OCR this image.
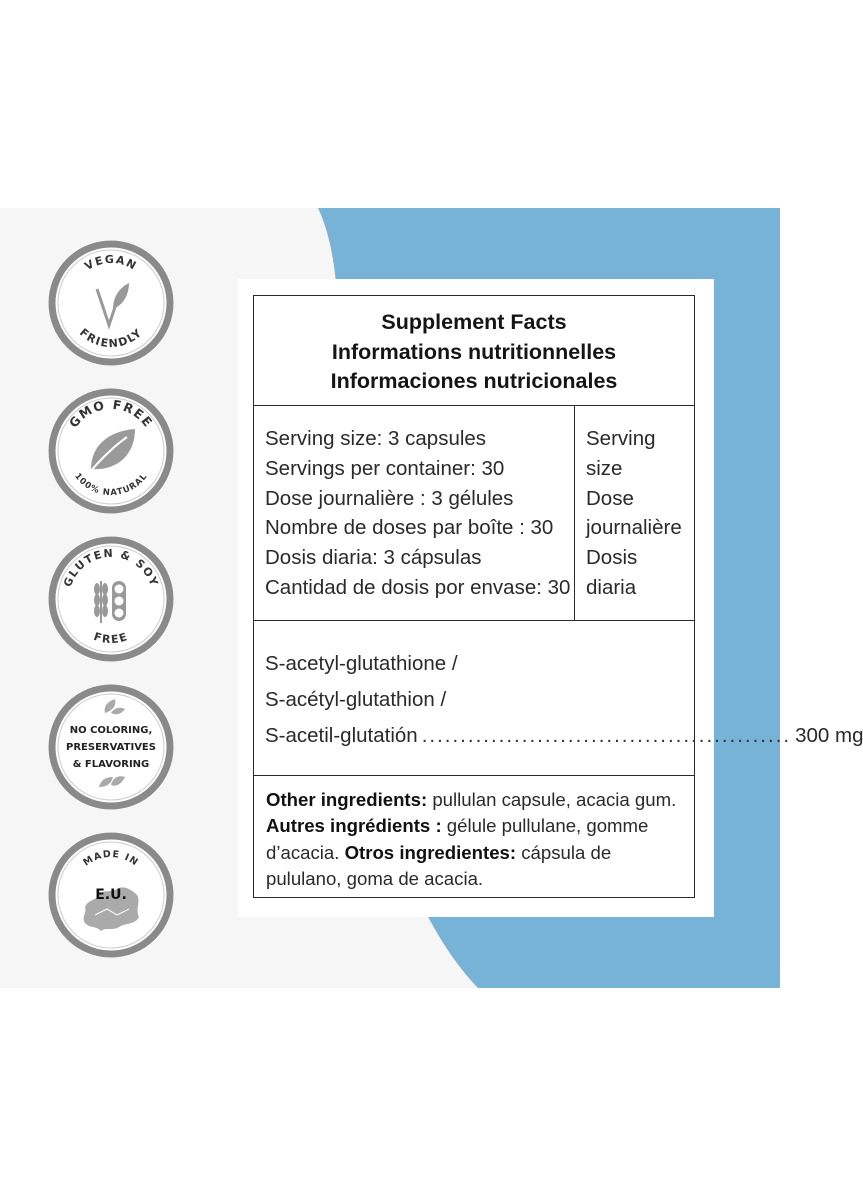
VEGAN
FRIENDLY
GMO FREE
100% NATURAL
GLUTEN & SOY
FREE
NO COLORING,
PRESERVATIVES
& FLAVORING
MADE IN
E.U.
Supplement Facts
Informations nutritionnelles
Informaciones nutricionales
Serving size: 3 capsules
Servings per container: 30
Dose journalière : 3 gélules
Nombre de doses par boîte : 30
Dosis diaria: 3 cápsulas
Cantidad de dosis por envase: 30
Serving
size
Dose
journalière
Dosis
diaria
S-acetyl-glutathione /
S-acétyl-glutathion /
S-acetil-glutatión ................................................ 300 mg
Other ingredients: pullulan capsule, acacia gum. Autres ingrédients : gélule pullulane, gomme d’acacia. Otros ingredientes: cápsula de pululano, goma de acacia.
